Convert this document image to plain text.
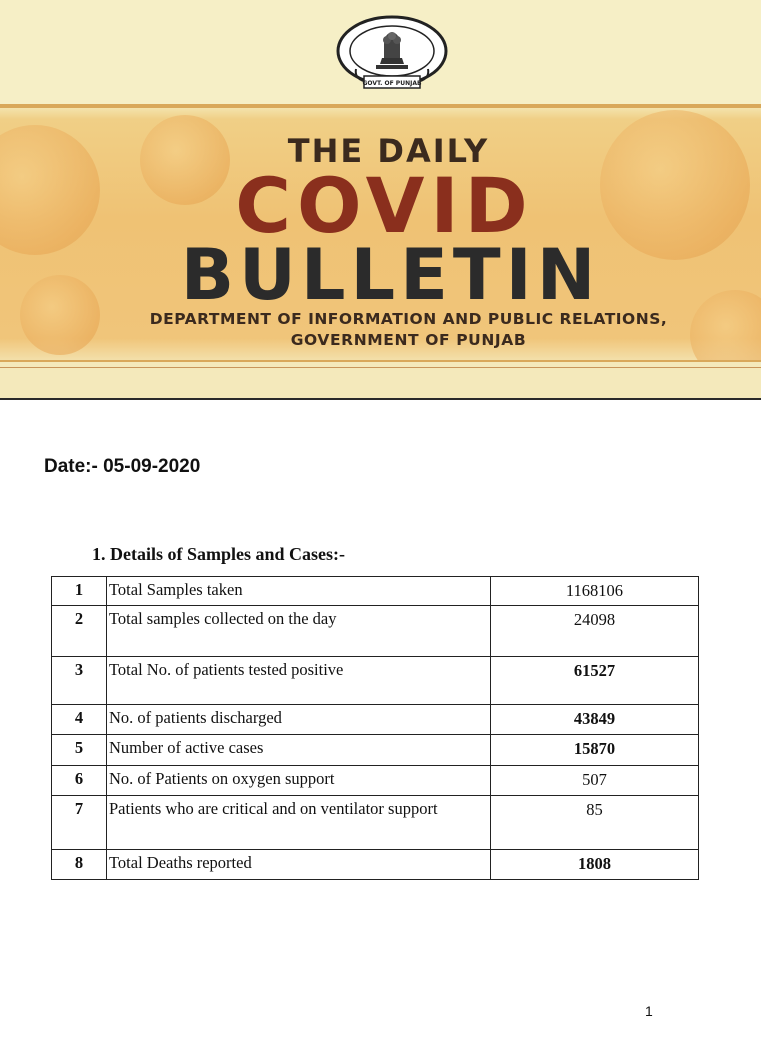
GOVT. OF PUNJAB
THE DAILY
COVID
BULLETIN
DEPARTMENT OF INFORMATION AND PUBLIC RELATIONS,
GOVERNMENT OF PUNJAB
Date:- 05-09-2020
1. Details of Samples and Cases:-
1	Total Samples taken	1168106
2	Total samples collected on the day	24098
3	Total No. of patients tested positive	61527
4	No. of patients discharged	43849
5	Number of active cases	15870
6	No. of Patients on oxygen support	507
7	Patients who are critical and on ventilator support	85
8	Total Deaths reported	1808
1
